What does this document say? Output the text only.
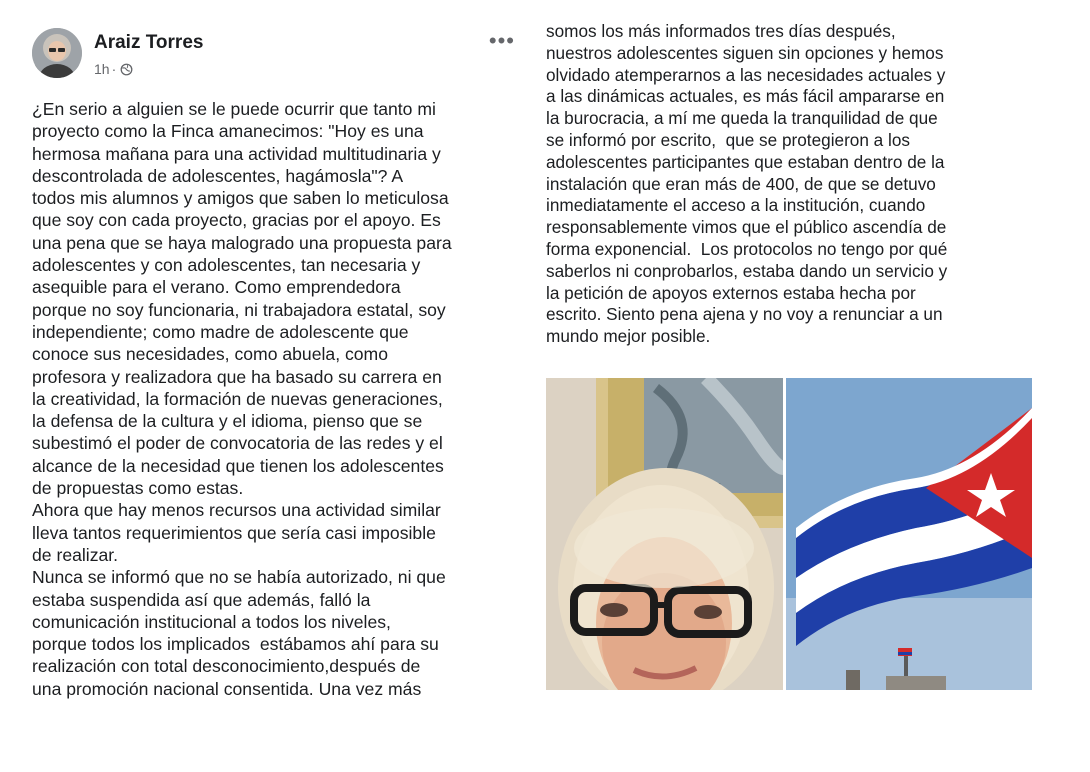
Araiz Torres
1h ·
•••
¿En serio a alguien se le puede ocurrir que tanto mi
proyecto como la Finca amanecimos: "Hoy es una
hermosa mañana para una actividad multitudinaria y
descontrolada de adolescentes, hagámosla"? A
todos mis alumnos y amigos que saben lo meticulosa
que soy con cada proyecto, gracias por el apoyo. Es
una pena que se haya malogrado una propuesta para
adolescentes y con adolescentes, tan necesaria y
asequible para el verano. Como emprendedora
porque no soy funcionaria, ni trabajadora estatal, soy
independiente; como madre de adolescente que
conoce sus necesidades, como abuela, como
profesora y realizadora que ha basado su carrera en
la creatividad, la formación de nuevas generaciones,
la defensa de la cultura y el idioma, pienso que se
subestimó el poder de convocatoria de las redes y el
alcance de la necesidad que tienen los adolescentes
de propuestas como estas.
Ahora que hay menos recursos una actividad similar
lleva tantos requerimientos que sería casi imposible
de realizar.
Nunca se informó que no se había autorizado, ni que
estaba suspendida así que además, falló la
comunicación institucional a todos los niveles,
porque todos los implicados  estábamos ahí para su
realización con total desconocimiento,después de
una promoción nacional consentida. Una vez más
somos los más informados tres días después,
nuestros adolescentes siguen sin opciones y hemos
olvidado atemperarnos a las necesidades actuales y
a las dinámicas actuales, es más fácil ampararse en
la burocracia, a mí me queda la tranquilidad de que
se informó por escrito,  que se protegieron a los
adolescentes participantes que estaban dentro de la
instalación que eran más de 400, de que se detuvo
inmediatamente el acceso a la institución, cuando
responsablemente vimos que el público ascendía de
forma exponencial.  Los protocolos no tengo por qué
saberlos ni conprobarlos, estaba dando un servicio y
la petición de apoyos externos estaba hecha por
escrito. Siento pena ajena y no voy a renunciar a un
mundo mejor posible.
